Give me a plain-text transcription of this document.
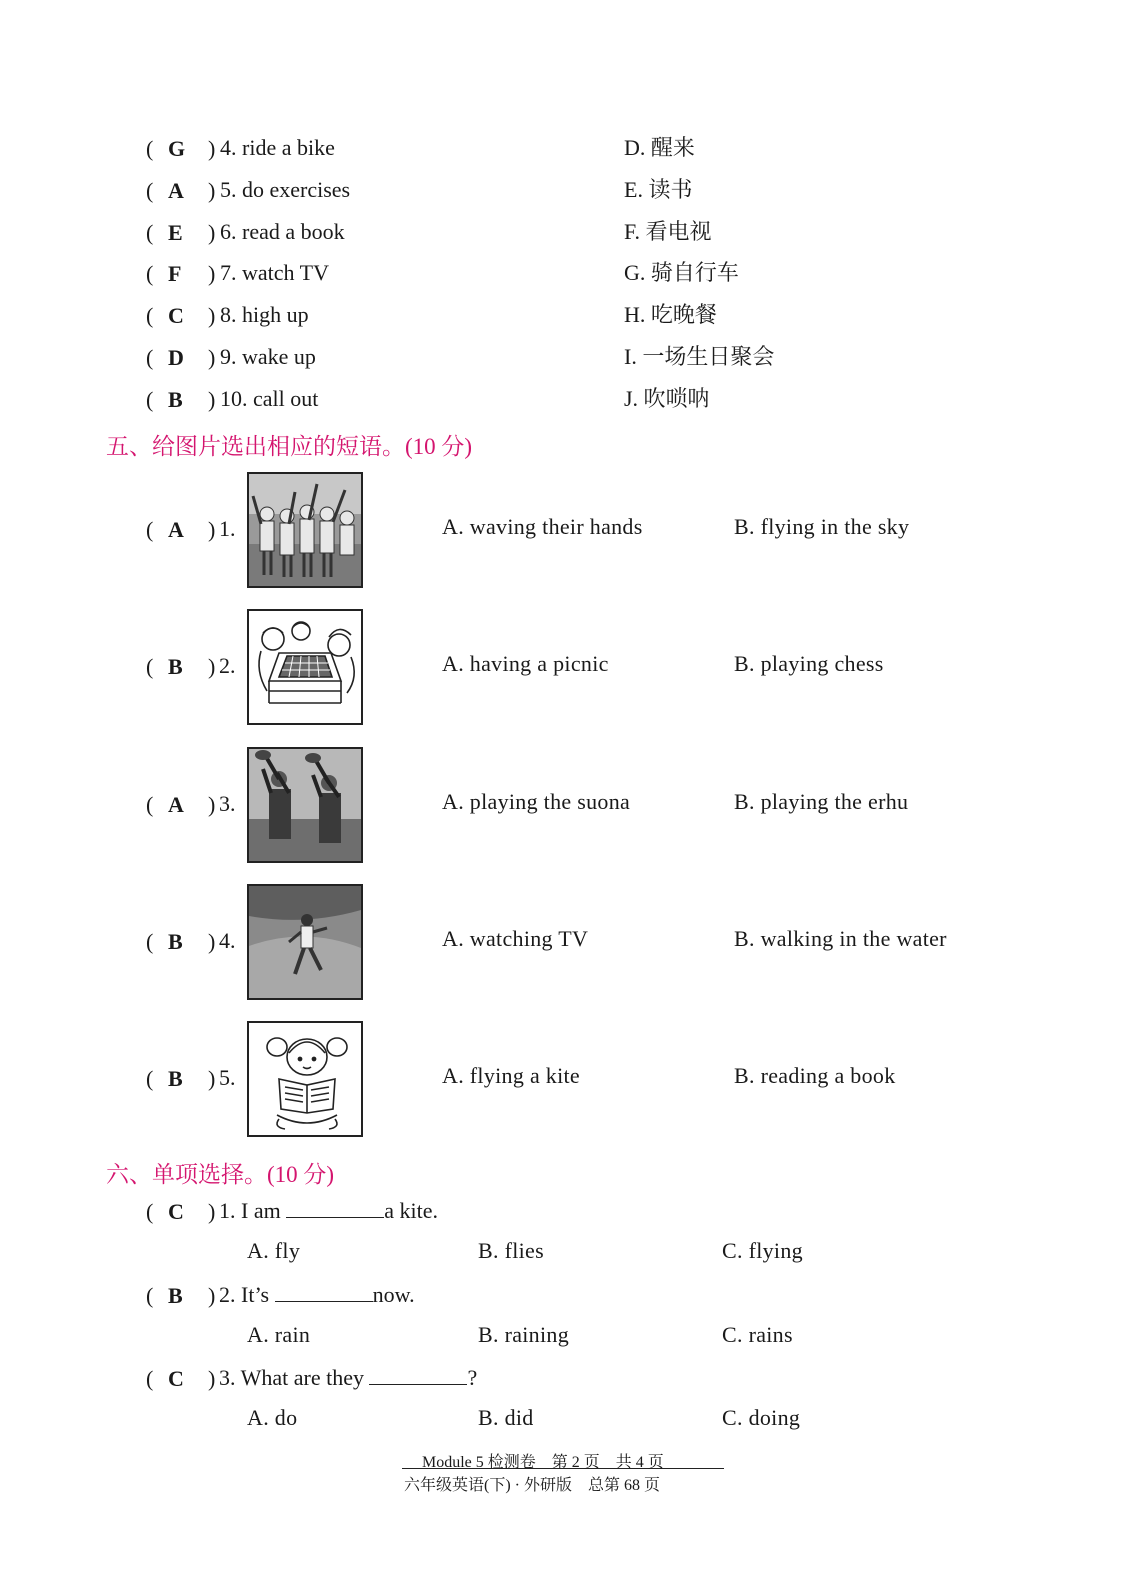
( G ) 4. ride a bike	D. 醒来
( A ) 5. do exercises	E. 读书
( E ) 6. read a book	F. 看电视
( F ) 7. watch TV	G. 骑自行车
( C ) 8. high up	H. 吃晚餐
( D ) 9. wake up	I. 一场生日聚会
( B ) 10. call out	J. 吹唢呐
五、给图片选出相应的短语。(10 分)
( A ) 1.	A. waving their hands	B. flying in the sky
( B ) 2.	A. having a picnic	B. playing chess
( A ) 3.	A. playing the suona	B. playing the erhu
( B ) 4.	A. watching TV	B. walking in the water
( B ) 5.	A. flying a kite	B. reading a book
六、单项选择。(10 分)
( C ) 1. I am	a kite.
A. fly	B. flies	C. flying
( B ) 2. It’s	now.
A. rain	B. raining	C. rains
( C ) 3. What are they	?
A. do	B. did	C. doing
Module 5 检测卷　第 2 页　共 4 页
六年级英语(下) · 外研版　总第 68 页
